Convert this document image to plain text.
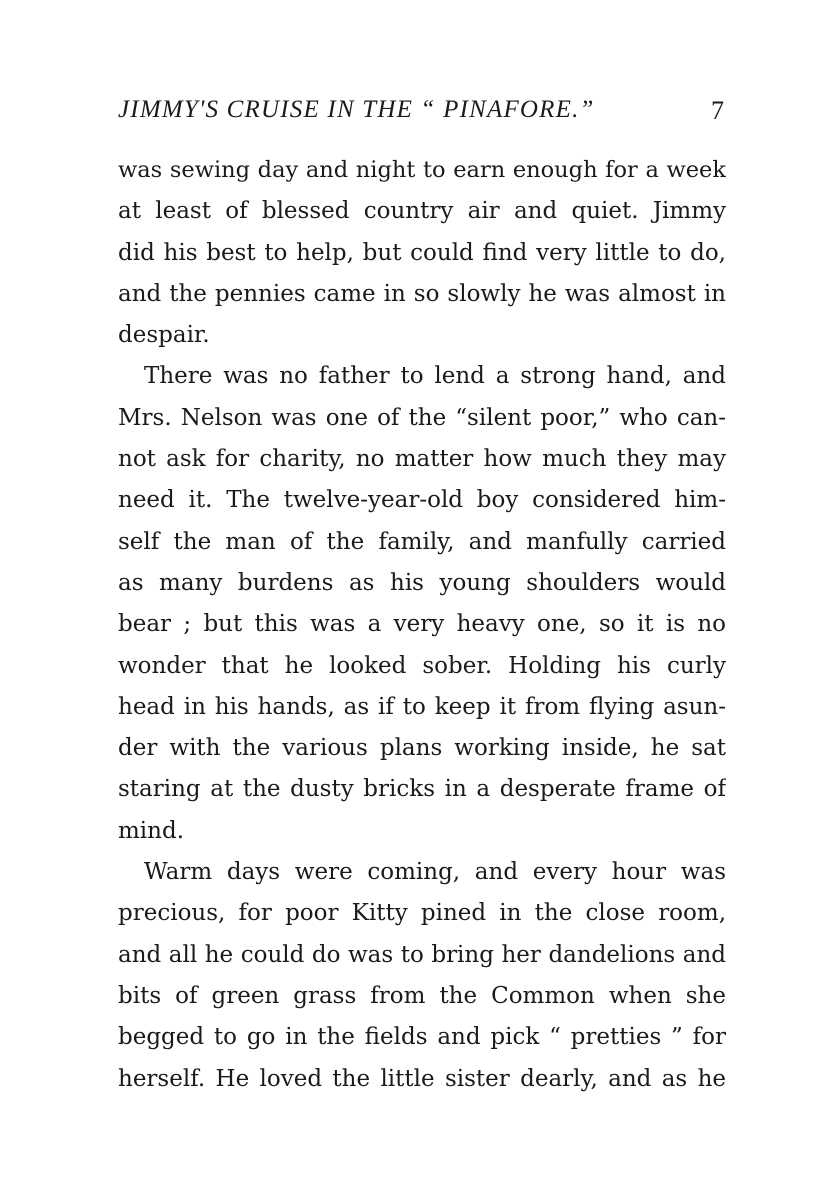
JIMMY'S CRUISE IN THE “ PINAFORE.”	7
was sewing day and night to earn enough for a week
at least of blessed country air and quiet. Jimmy
did his best to help, but could find very little to do,
and the pennies came in so slowly he was almost in
despair.
There was no father to lend a strong hand, and
Mrs. Nelson was one of the “silent poor,” who can-
not ask for charity, no matter how much they may
need it. The twelve-year-old boy considered him-
self the man of the family, and manfully carried
as many burdens as his young shoulders would
bear ; but this was a very heavy one, so it is no
wonder that he looked sober. Holding his curly
head in his hands, as if to keep it from flying asun-
der with the various plans working inside, he sat
staring at the dusty bricks in a desperate frame of
mind.
Warm days were coming, and every hour was
precious, for poor Kitty pined in the close room,
and all he could do was to bring her dandelions and
bits of green grass from the Common when she
begged to go in the fields and pick “ pretties ” for
herself. He loved the little sister dearly, and as he
